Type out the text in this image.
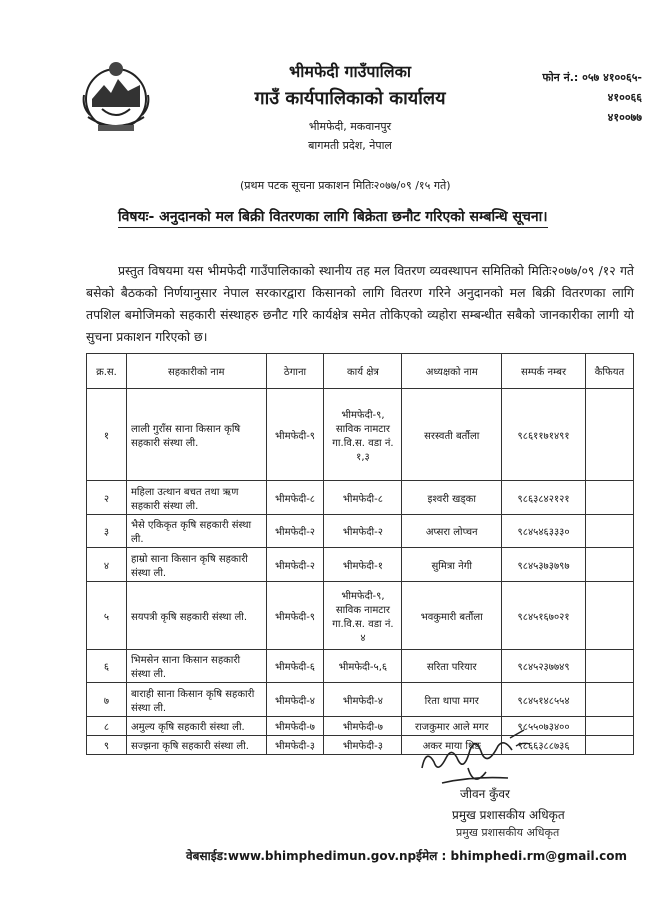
भीमफेदी गाउँपालिका
गाउँ कार्यपालिकाको कार्यालय
भीमफेदी, मकवानपुर
बागमती प्रदेश, नेपाल
फोन नं.: ०५७ ४१००६५-
४१००६६
४१००७७
(प्रथम पटक सूचना प्रकाशन मितिः२०७७/०९ /१५ गते)
विषयः- अनुदानको मल बिक्री वितरणका लागि बिक्रेता छनौट गरिएको सम्बन्धि सूचना।
प्रस्तुत विषयमा यस भीमफेदी गाउँपालिकाको स्थानीय तह मल वितरण व्यवस्थापन समितिको मितिः२०७७/०९ /१२ गते बसेको बैठकको निर्णयानुसार नेपाल सरकारद्वारा किसानको लागि वितरण गरिने अनुदानको मल बिक्री वितरणका लागि तपशिल बमोजिमको सहकारी संस्थाहरु छनौट गरि कार्यक्षेत्र समेत तोकिएको व्यहोरा सम्बन्धीत सबैको जानकारीका लागी यो सुचना प्रकाशन गरिएको छ।
क्र.स.	सहकारीको नाम	ठेगाना	कार्य क्षेत्र	अध्यक्षको नाम	सम्पर्क नम्बर	कैफियत
१	लाली गुराँस साना किसान कृषि सहकारी संस्था ली.	भीमफेदी-९	भीमफेदी-९, साविक नामटार गा.वि.स. वडा नं. १,३	सरस्वती बर्तौला	९८६११७१४९१	
२	महिला उत्थान बचत तथा ऋण सहकारी संस्था ली.	भीमफेदी-८	भीमफेदी-८	इश्वरी खड्का	९८६३८४२१२१	
३	भैसे एकिकृत कृषि सहकारी संस्था ली.	भीमफेदी-२	भीमफेदी-२	अप्सरा लोप्चन	९८४५४६३३३०	
४	हाम्रो साना किसान कृषि सहकारी संस्था ली.	भीमफेदी-२	भीमफेदी-१	सुमित्रा नेगी	९८४५३७३७९७	
५	सयपत्री कृषि सहकारी संस्था ली.	भीमफेदी-९	भीमफेदी-९, साविक नामटार गा.वि.स. वडा नं. ४	भवकुमारी बर्तौला	९८४५१६७०२१	
६	भिमसेन साना किसान सहकारी संस्था ली.	भीमफेदी-६	भीमफेदी-५,६	सरिता परियार	९८४५२३७७४९	
७	बाराही साना किसान कृषि सहकारी संस्था ली.	भीमफेदी-४	भीमफेदी-४	रिता थापा मगर	९८४५१४८५५४	
८	अमुल्य कृषि सहकारी संस्था ली.	भीमफेदी-७	भीमफेदी-७	राजकुमार आले मगर	९८५५०७३४००	
९	सज्झना कृषि सहकारी संस्था ली.	भीमफेदी-३	भीमफेदी-३	अकर माया थिङ	९८६६३८८७३६	
जीवन कुँवर
प्रमुख प्रशासकीय अधिकृत
प्रमुख प्रशासकीय अधिकृत
वेबसाईड:www.bhimphedimun.gov.npईमेल : bhimphedi.rm@gmail.com
